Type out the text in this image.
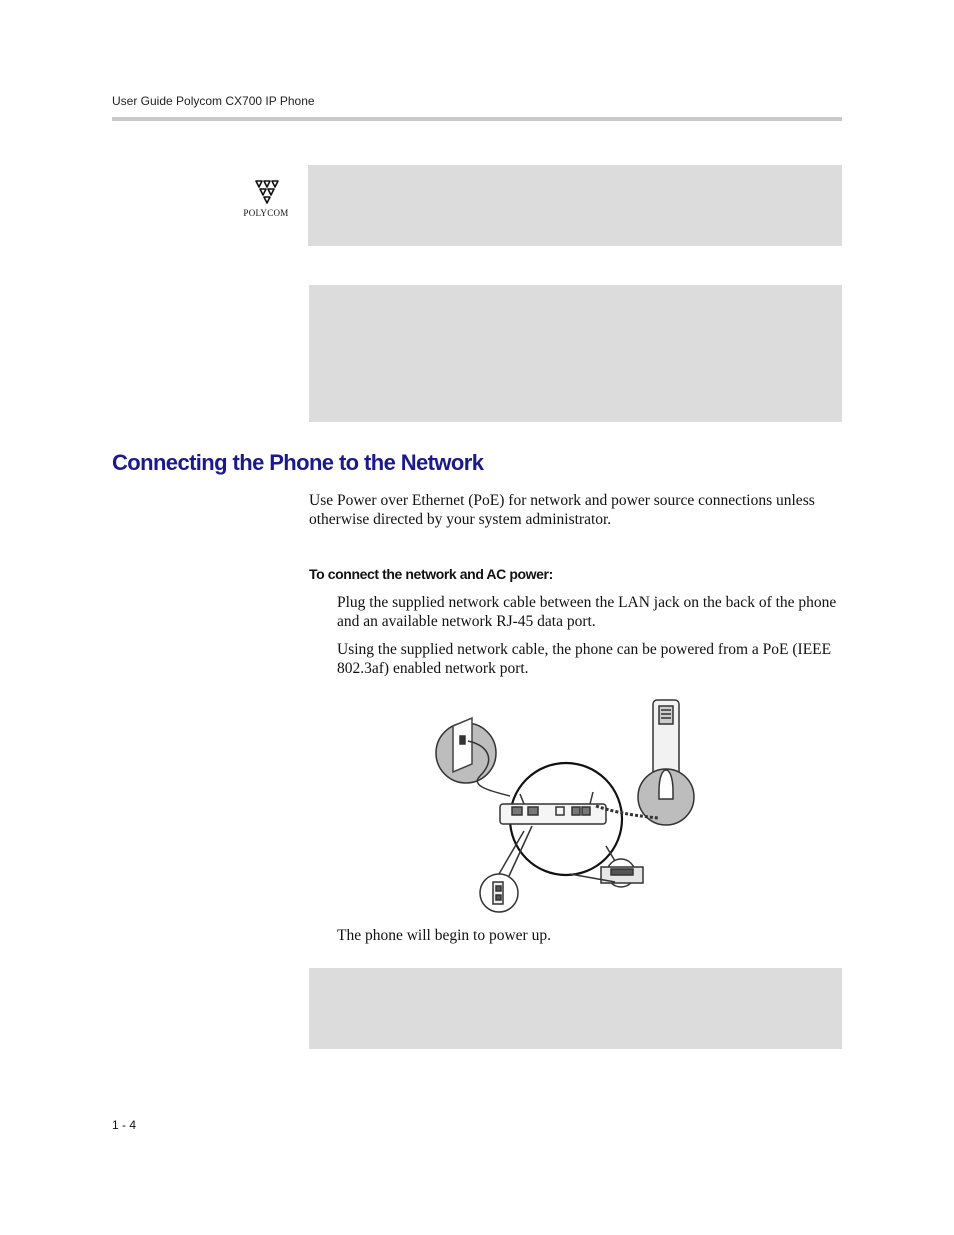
User Guide Polycom CX700 IP Phone
POLYCOM
Connecting the Phone to the Network
Use Power over Ethernet (PoE) for network and power source connections unless otherwise directed by your system administrator.
To connect the network and AC power:
Plug the supplied network cable between the LAN jack on the back of the phone and an available network RJ-45 data port.
Using the supplied network cable, the phone can be powered from a PoE (IEEE 802.3af) enabled network port.
The phone will begin to power up.
1 - 4
